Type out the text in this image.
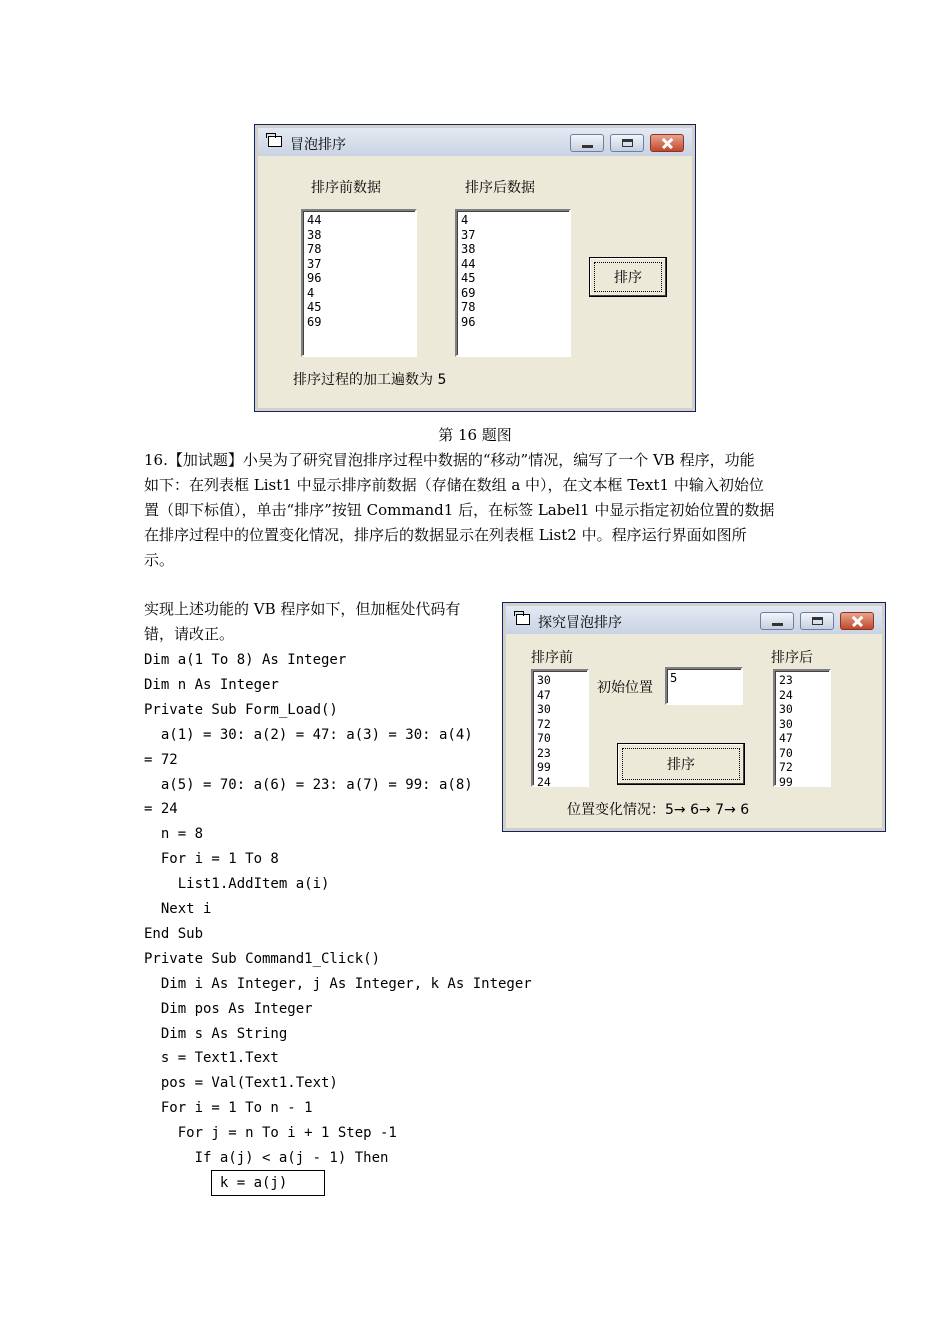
冒泡排序
排序前数据	排序后数据
44
38
78
37
96
4
45
69
4
37
38
44
45
69
78
96
排序
排序过程的加工遍数为 5
第 16 题图
16.【加试题】小吴为了研究冒泡排序过程中数据的“移动”情况，编写了一个 VB 程序，功能
如下：在列表框 List1 中显示排序前数据（存储在数组 a 中），在文本框 Text1 中输入初始位
置（即下标值），单击“排序”按钮 Command1 后，在标签 Label1 中显示指定初始位置的数据
在排序过程中的位置变化情况，排序后的数据显示在列表框 List2 中。程序运行界面如图所
示。
实现上述功能的 VB 程序如下，但加框处代码有
错，请改正。
探究冒泡排序
排序前	排序后
30
47
30
72
70
23
99
24
23
24
30
30
47
70
72
99
初始位置
5
排序
位置变化情况：5→ 6→ 7→ 6
Dim a(1 To 8) As Integer
Dim n As Integer
Private Sub Form_Load()
a(1) = 30: a(2) = 47: a(3) = 30: a(4)
= 72
a(5) = 70: a(6) = 23: a(7) = 99: a(8)
= 24
n = 8
For i = 1 To 8
List1.AddItem a(i)
Next i
End Sub
Private Sub Command1_Click()
Dim i As Integer, j As Integer, k As Integer
Dim pos As Integer
Dim s As String
s = Text1.Text
pos = Val(Text1.Text)
For i = 1 To n - 1
For j = n To i + 1 Step -1
If a(j) < a(j - 1) Then
k = a(j)
